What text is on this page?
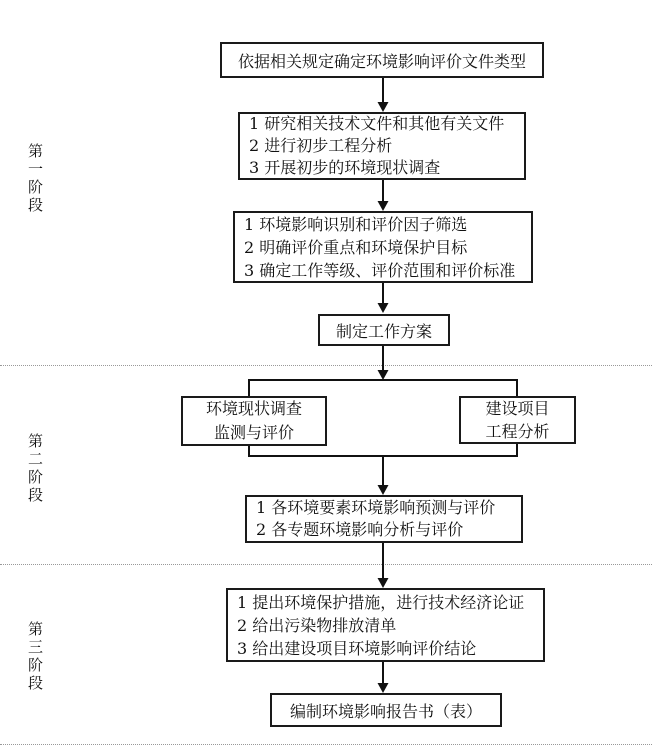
第一阶段
第二阶段
第三阶段
依据相关规定确定环境影响评价文件类型
1 研究相关技术文件和其他有关文件
2 进行初步工程分析
3 开展初步的环境现状调查
1 环境影响识别和评价因子筛选
2 明确评价重点和环境保护目标
3 确定工作等级、评价范围和评价标准
制定工作方案
环境现状调查
监测与评价
建设项目
工程分析
1 各环境要素环境影响预测与评价
2 各专题环境影响分析与评价
1 提出环境保护措施，进行技术经济论证
2 给出污染物排放清单
3 给出建设项目环境影响评价结论
编制环境影响报告书（表）
